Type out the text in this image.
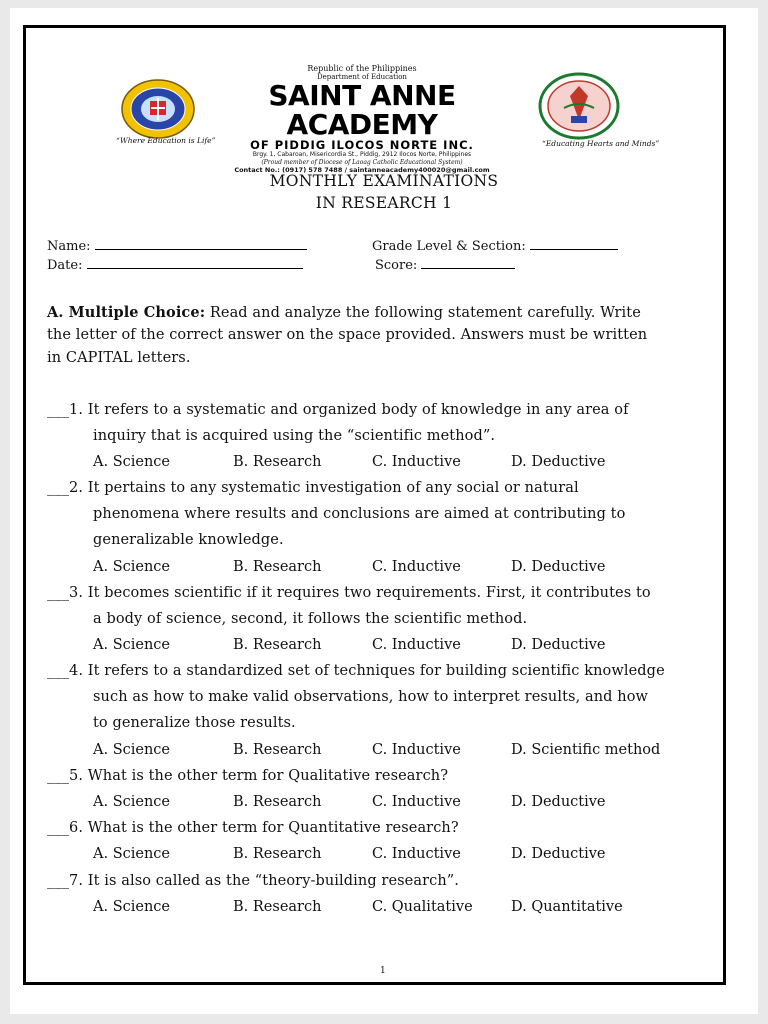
“Where Education is Life”
Republic of the Philippines
Department of Education
SAINT ANNE ACADEMY
OF PIDDIG ILOCOS NORTE INC.
Brgy. 1, Cabaroan, Misericordia St., Piddig, 2912 Ilocos Norte, Philippines
(Proud member of Diocese of Laoag Catholic Educational System)
Contact No.: (0917) 578 7488 / saintanneacademy400020@gmail.com
“Educating Hearts and Minds”
MONTHLY EXAMINATIONS
IN RESEARCH 1
Name:
Date:
Grade Level & Section:
Score:
A. Multiple Choice: Read and analyze the following statement carefully. Write
the letter of the correct answer on the space provided. Answers must be written
in CAPITAL letters.
___1. It refers to a systematic and organized body of knowledge in any area of
inquiry that is acquired using the “scientific method”.
A. Science	B. Research	C. Inductive	D. Deductive
___2. It pertains to any systematic investigation of any social or natural
phenomena where results and conclusions are aimed at contributing to
generalizable knowledge.
A. Science	B. Research	C. Inductive	D. Deductive
___3. It becomes scientific if it requires two requirements. First, it contributes to
a body of science, second, it follows the scientific method.
A. Science	B. Research	C. Inductive	D. Deductive
___4. It refers to a standardized set of techniques for building scientific knowledge
such as how to make valid observations, how to interpret results, and how
to generalize those results.
A. Science	B. Research	C. Inductive	D. Scientific method
___5. What is the other term for Qualitative research?
A. Science	B. Research	C. Inductive	D. Deductive
___6. What is the other term for Quantitative research?
A. Science	B. Research	C. Inductive	D. Deductive
___7. It is also called as the “theory-building research”.
A. Science	B. Research	C. Qualitative	D. Quantitative
1
